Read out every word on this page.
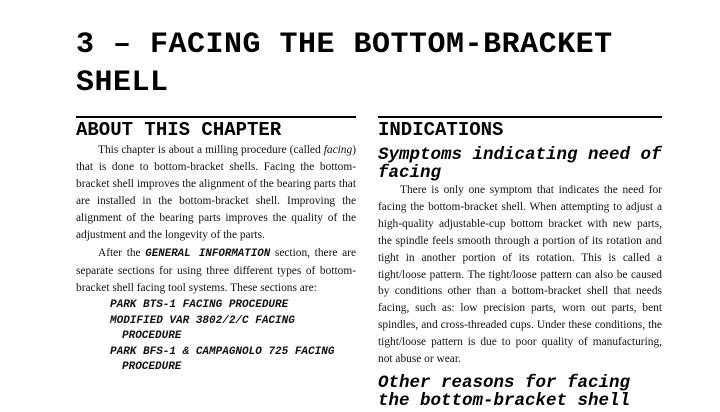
3 – FACING THE BOTTOM-BRACKET SHELL
ABOUT THIS CHAPTER

This chapter is about a milling procedure (called facing) that is done to bottom-bracket shells. Facing the bottom-bracket shell improves the alignment of the bearing parts that are installed in the bottom-bracket shell. Improving the alignment of the bearing parts improves the quality of the adjustment and the longevity of the parts.

After the GENERAL INFORMATION section, there are separate sections for using three different types of bottom-bracket shell facing tool systems. These sections are:

PARK BTS-1 FACING PROCEDURE
MODIFIED VAR 3802/2/C FACING PROCEDURE
PARK BFS-1 & CAMPAGNOLO 725 FACING PROCEDURE
INDICATIONS
Symptoms indicating need of facing

There is only one symptom that indicates the need for facing the bottom-bracket shell. When attempting to adjust a high-quality adjustable-cup bottom bracket with new parts, the spindle feels smooth through a portion of its rotation and tight in another portion of its rotation. This is called a tight/loose pattern. The tight/loose pattern can also be caused by conditions other than a bottom-bracket shell that needs facing, such as: low precision parts, worn out parts, bent spindles, and cross-threaded cups. Under these conditions, the tight/loose pattern is due to poor quality of manufacturing, not abuse or wear.

Other reasons for facing the bottom-bracket shell
